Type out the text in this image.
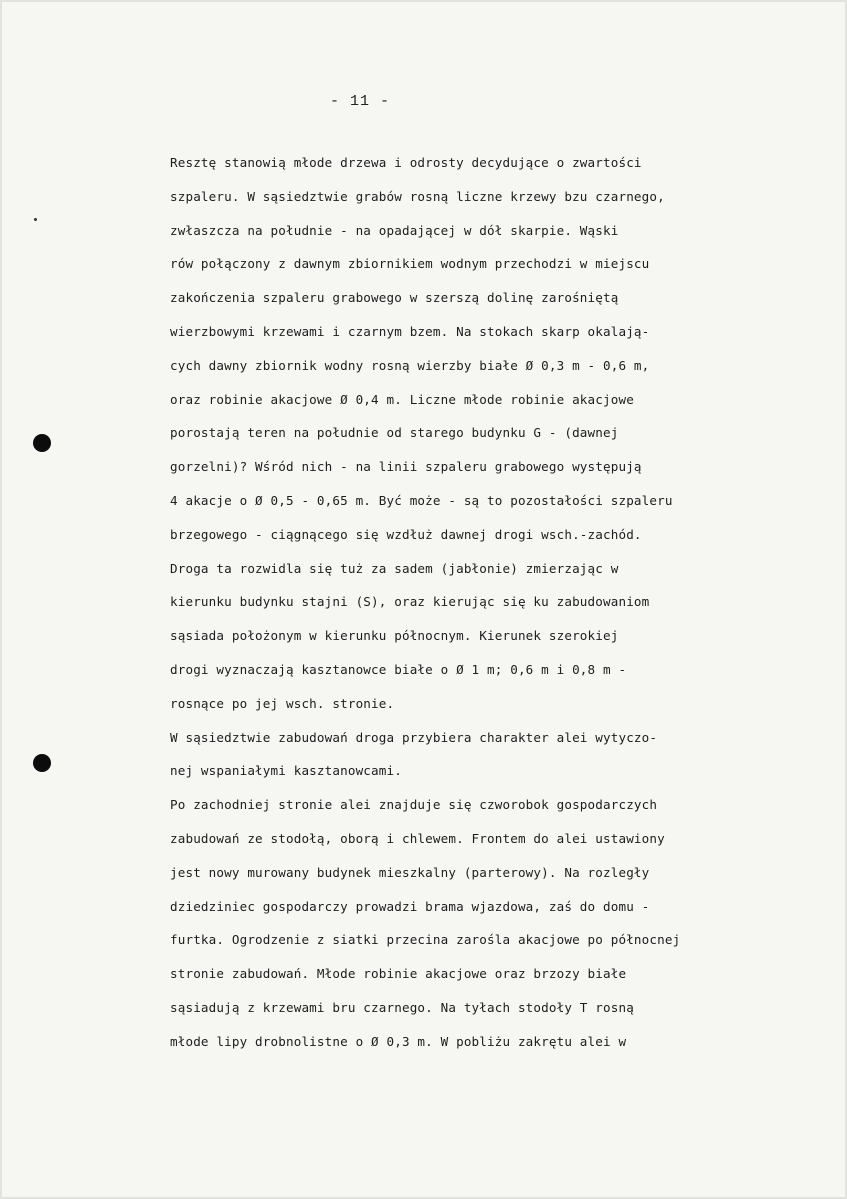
- 11 -
Resztę stanowią młode drzewa i odrosty decydujące o zwartości
szpaleru. W sąsiedztwie grabów rosną liczne krzewy bzu czarnego,
zwłaszcza na południe - na opadającej w dół skarpie. Wąski
rów połączony z dawnym zbiornikiem wodnym przechodzi w miejscu
zakończenia szpaleru grabowego w szerszą dolinę zarośniętą
wierzbowymi krzewami i czarnym bzem. Na stokach skarp okalają-
cych dawny zbiornik wodny rosną wierzby białe Ø 0,3 m - 0,6 m,
oraz robinie akacjowe Ø 0,4 m. Liczne młode robinie akacjowe
porostają teren na południe od starego budynku G - (dawnej
gorzelni)? Wśród nich - na linii szpaleru grabowego występują
4 akacje o Ø 0,5 - 0,65 m. Być może - są to pozostałości szpaleru
brzegowego - ciągnącego się wzdłuż dawnej drogi wsch.-zachód.
Droga ta rozwidla się tuż za sadem (jabłonie) zmierzając w
kierunku budynku stajni (S), oraz kierując się ku zabudowaniom
sąsiada położonym w kierunku północnym. Kierunek szerokiej
drogi wyznaczają kasztanowce białe o Ø 1 m; 0,6 m i 0,8 m -
rosnące po jej wsch. stronie.
W sąsiedztwie zabudowań droga przybiera charakter alei wytyczo-
nej wspaniałymi kasztanowcami.
Po zachodniej stronie alei znajduje się czworobok gospodarczych
zabudowań ze stodołą, oborą i chlewem. Frontem do alei ustawiony
jest nowy murowany budynek mieszkalny (parterowy). Na rozległy
dziedziniec gospodarczy prowadzi brama wjazdowa, zaś do domu -
furtka. Ogrodzenie z siatki przecina zarośla akacjowe po północnej
stronie zabudowań. Młode robinie akacjowe oraz brzozy białe
sąsiadują z krzewami bru czarnego. Na tyłach stodoły T rosną
młode lipy drobnolistne o Ø 0,3 m. W pobliżu zakrętu alei w
